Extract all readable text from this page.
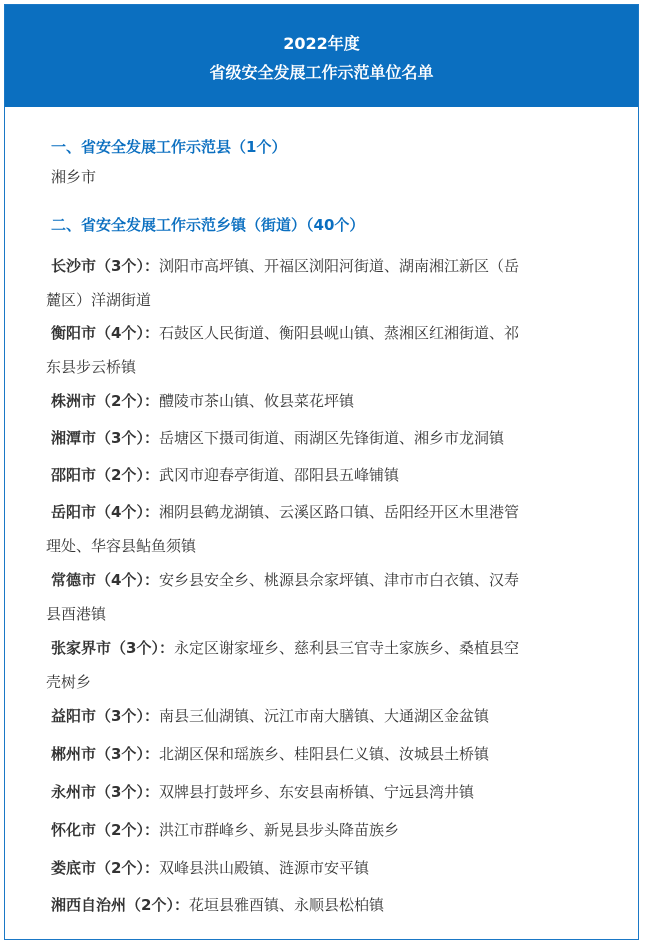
2022年度
省级安全发展工作示范单位名单
一、省安全发展工作示范县（1个）
湘乡市
二、省安全发展工作示范乡镇（街道）（40个）
长沙市（3个）：浏阳市高坪镇、开福区浏阳河街道、湖南湘江新区（岳
麓区）洋湖街道
衡阳市（4个）：石鼓区人民街道、衡阳县岘山镇、蒸湘区红湘街道、祁
东县步云桥镇
株洲市（2个）：醴陵市茶山镇、攸县菜花坪镇
湘潭市（3个）：岳塘区下摄司街道、雨湖区先锋街道、湘乡市龙洞镇
邵阳市（2个）：武冈市迎春亭街道、邵阳县五峰铺镇
岳阳市（4个）：湘阴县鹤龙湖镇、云溪区路口镇、岳阳经开区木里港管
理处、华容县鲇鱼须镇
常德市（4个）：安乡县安全乡、桃源县佘家坪镇、津市市白衣镇、汉寿
县酉港镇
张家界市（3个）：永定区谢家垭乡、慈利县三官寺土家族乡、桑植县空
壳树乡
益阳市（3个）：南县三仙湖镇、沅江市南大膳镇、大通湖区金盆镇
郴州市（3个）：北湖区保和瑶族乡、桂阳县仁义镇、汝城县土桥镇
永州市（3个）：双牌县打鼓坪乡、东安县南桥镇、宁远县湾井镇
怀化市（2个）：洪江市群峰乡、新晃县步头降苗族乡
娄底市（2个）：双峰县洪山殿镇、涟源市安平镇
湘西自治州（2个）：花垣县雅酉镇、永顺县松柏镇
